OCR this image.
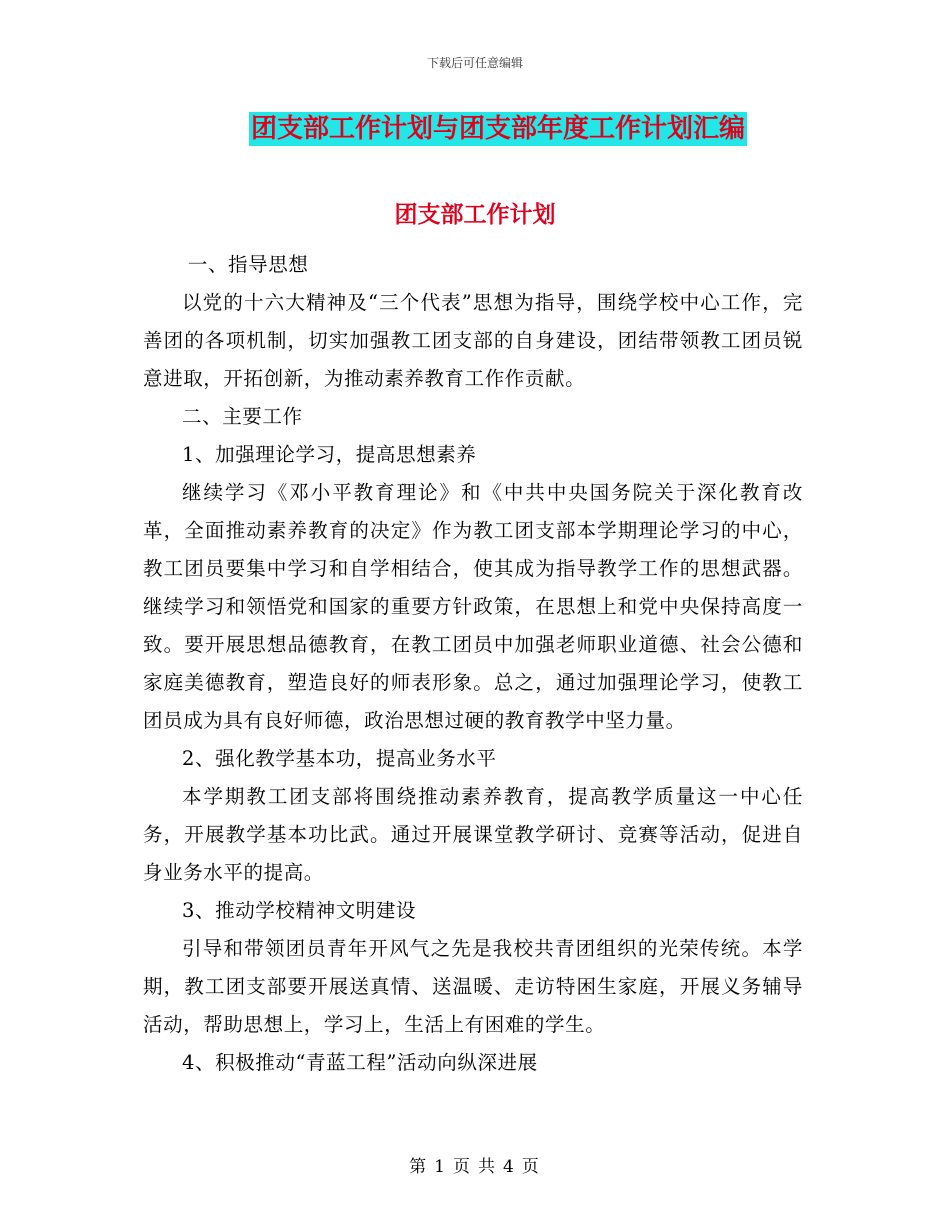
下载后可任意编辑
团支部工作计划与团支部年度工作计划汇编
团支部工作计划

一、指导思想

以党的十六大精神及“三个代表”思想为指导，围绕学校中心工作，完善团的各项机制，切实加强教工团支部的自身建设，团结带领教工团员锐意进取，开拓创新，为推动素养教育工作作贡献。

二、主要工作

1、加强理论学习，提高思想素养

继续学习《邓小平教育理论》和《中共中央国务院关于深化教育改革，全面推动素养教育的决定》作为教工团支部本学期理论学习的中心，教工团员要集中学习和自学相结合，使其成为指导教学工作的思想武器。继续学习和领悟党和国家的重要方针政策，在思想上和党中央保持高度一致。要开展思想品德教育，在教工团员中加强老师职业道德、社会公德和家庭美德教育，塑造良好的师表形象。总之，通过加强理论学习，使教工团员成为具有良好师德，政治思想过硬的教育教学中坚力量。

2、强化教学基本功，提高业务水平

本学期教工团支部将围绕推动素养教育，提高教学质量这一中心任务，开展教学基本功比武。通过开展课堂教学研讨、竞赛等活动，促进自身业务水平的提高。

3、推动学校精神文明建设

引导和带领团员青年开风气之先是我校共青团组织的光荣传统。本学期，教工团支部要开展送真情、送温暖、走访特困生家庭，开展义务辅导活动，帮助思想上，学习上，生活上有困难的学生。

4、积极推动“青蓝工程”活动向纵深进展

第 1 页 共 4 页
